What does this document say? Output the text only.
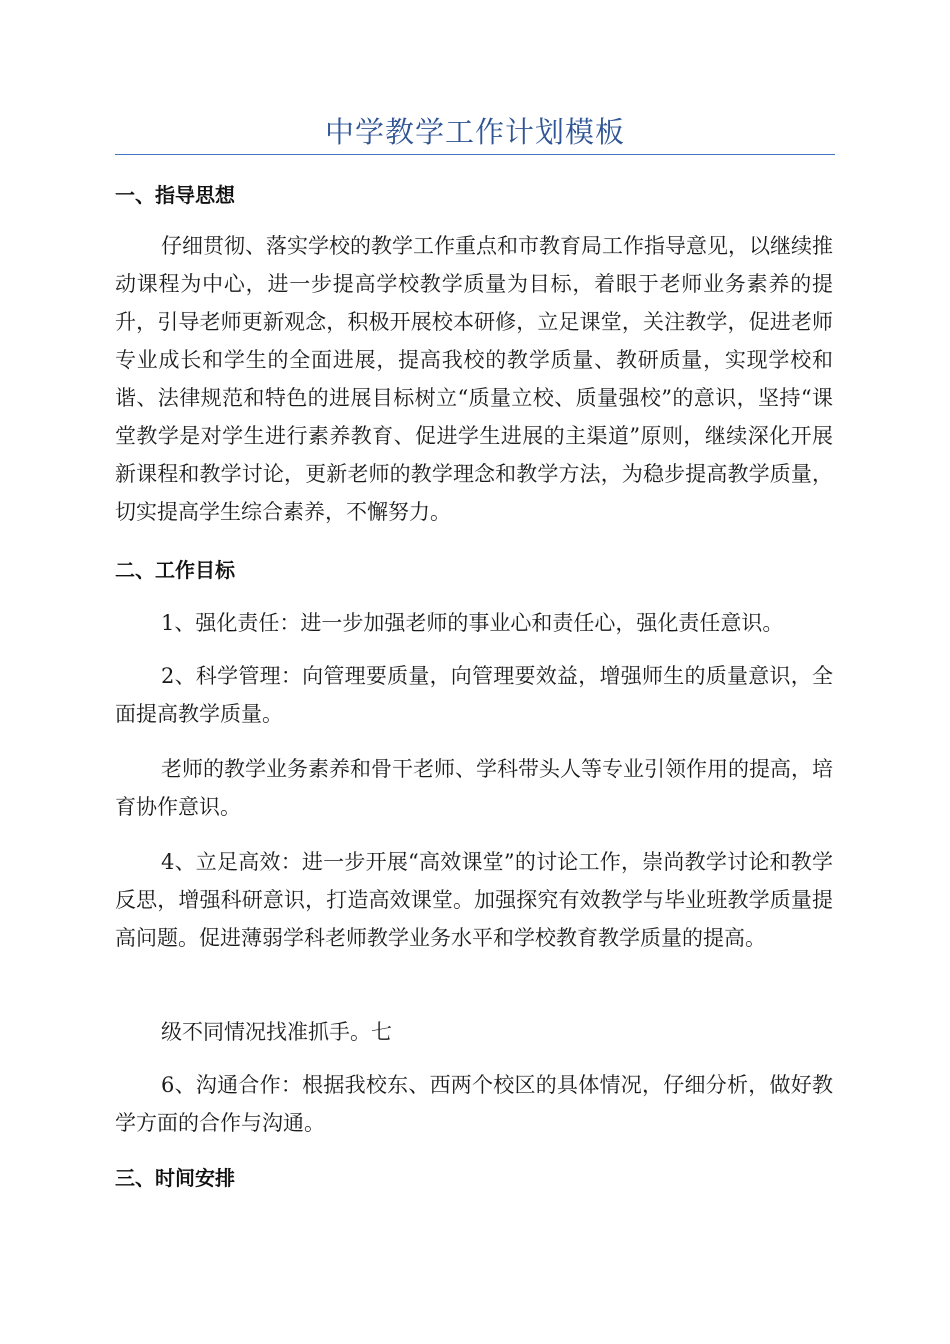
中学教学工作计划模板
一、指导思想

仔细贯彻、落实学校的教学工作重点和市教育局工作指导意见，以继续推动课程为中心，进一步提高学校教学质量为目标，着眼于老师业务素养的提升，引导老师更新观念，积极开展校本研修，立足课堂，关注教学，促进老师专业成长和学生的全面进展，提高我校的教学质量、教研质量，实现学校和谐、法律规范和特色的进展目标树立“质量立校、质量强校”的意识，坚持“课堂教学是对学生进行素养教育、促进学生进展的主渠道”原则，继续深化开展新课程和教学讨论，更新老师的教学理念和教学方法，为稳步提高教学质量，切实提高学生综合素养，不懈努力。

二、工作目标

1、强化责任：进一步加强老师的事业心和责任心，强化责任意识。

2、科学管理：向管理要质量，向管理要效益，增强师生的质量意识，全面提高教学质量。

老师的教学业务素养和骨干老师、学科带头人等专业引领作用的提高，培育协作意识。

4、立足高效：进一步开展“高效课堂”的讨论工作，崇尚教学讨论和教学反思，增强科研意识，打造高效课堂。加强探究有效教学与毕业班教学质量提高问题。促进薄弱学科老师教学业务水平和学校教育教学质量的提高。

级不同情况找准抓手。七

6、沟通合作：根据我校东、西两个校区的具体情况，仔细分析，做好教学方面的合作与沟通。

三、时间安排
